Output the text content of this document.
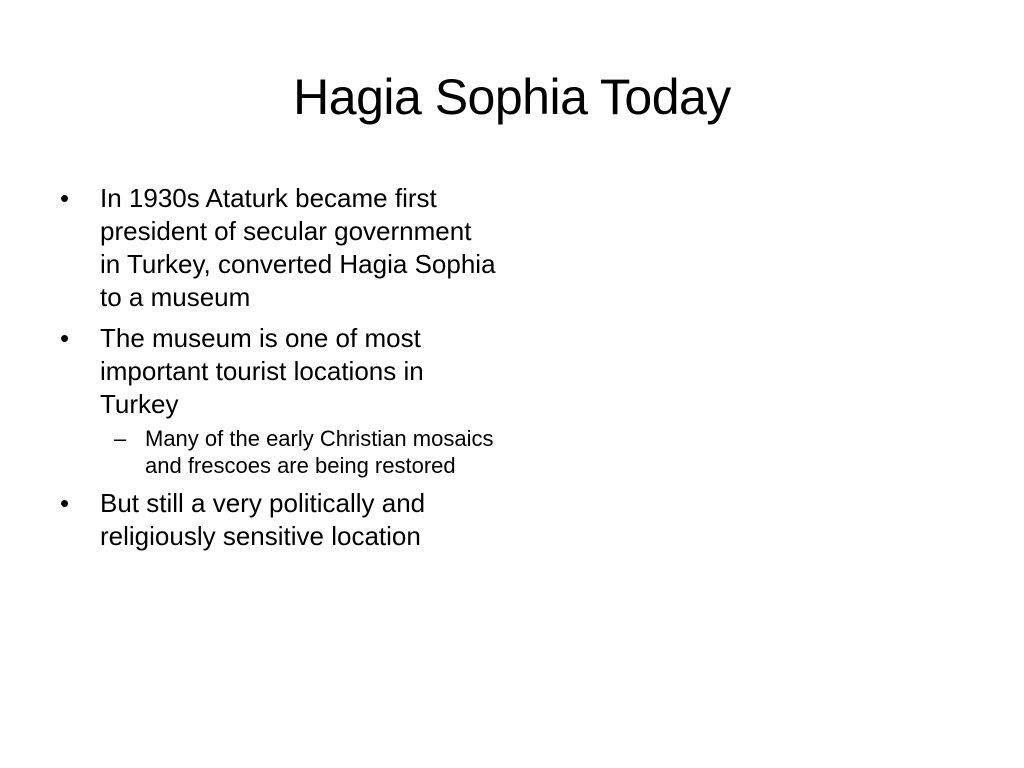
Hagia Sophia Today
•	In 1930s Ataturk became first president of secular government in Turkey, converted Hagia Sophia to a museum
•	The museum is one of most important tourist locations in Turkey
– Many of the early Christian mosaics and frescoes are being restored
•	But still a very politically and religiously sensitive location
